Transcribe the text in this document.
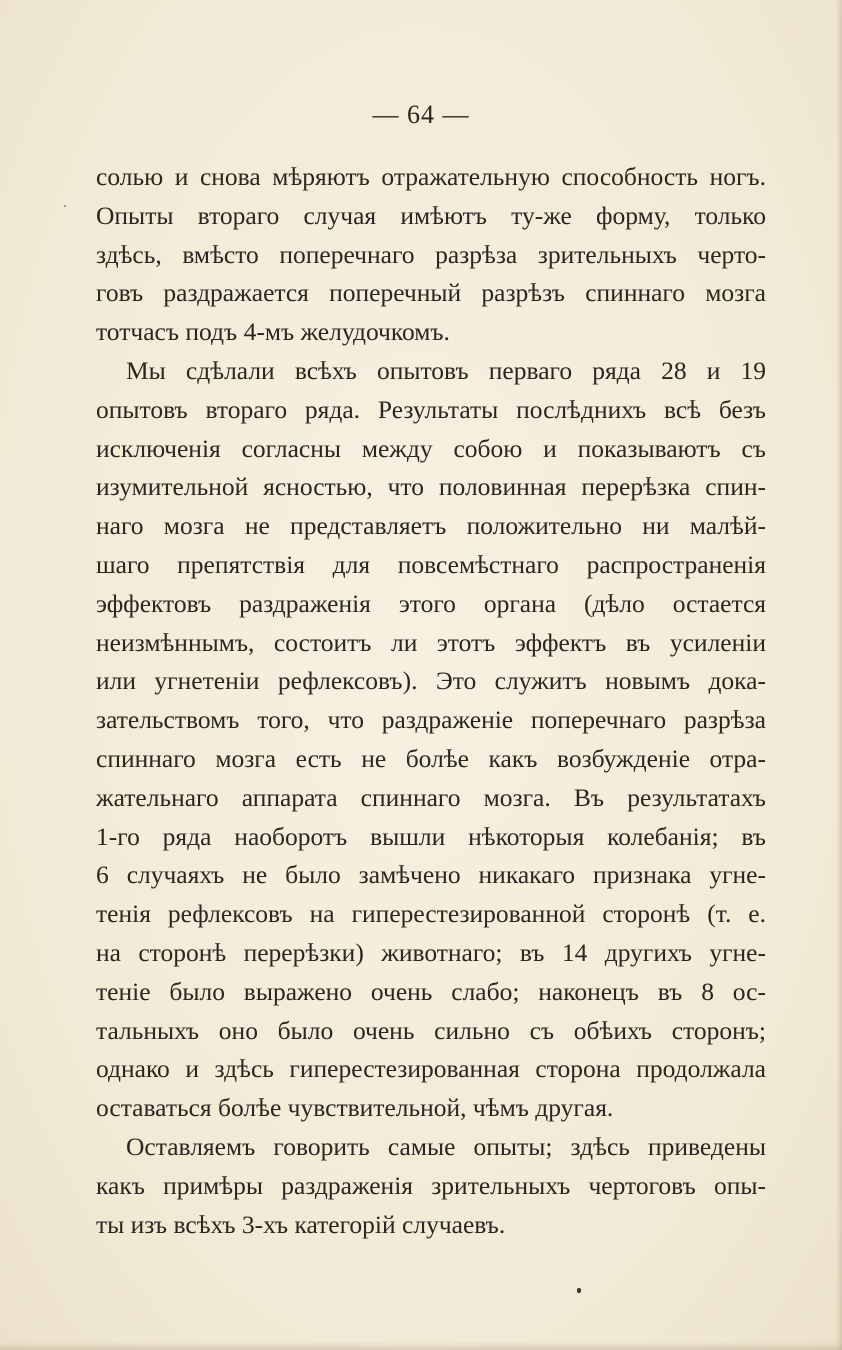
— 64 —

солью и снова мѣряютъ отражательную способность ногъ.

Опыты втораго случая имѣютъ ту-же форму, только

здѣсь, вмѣсто поперечнаго разрѣза зрительныхъ черто-

говъ раздражается поперечный разрѣзъ спиннаго мозга

тотчасъ подъ 4-мъ желудочкомъ.

Мы сдѣлали всѣхъ опытовъ перваго ряда 28 и 19

опытовъ втораго ряда. Результаты послѣднихъ всѣ безъ

исключенія согласны между собою и показываютъ съ

изумительной ясностью, что половинная перерѣзка спин-

наго мозга не представляетъ положительно ни малѣй-

шаго препятствія для повсемѣстнаго распространенія

эффектовъ раздраженія этого органа (дѣло остается

неизмѣннымъ, состоитъ ли этотъ эффектъ въ усиленіи

или угнетеніи рефлексовъ). Это служитъ новымъ дока-

зательствомъ того, что раздраженіе поперечнаго разрѣза

спиннаго мозга есть не болѣе какъ возбужденіе отра-

жательнаго аппарата спиннаго мозга. Въ результатахъ

1-го ряда наоборотъ вышли нѣкоторыя колебанія; въ

6 случаяхъ не было замѣчено никакаго признака угне-

тенія рефлексовъ на гиперестезированной сторонѣ (т. е.

на сторонѣ перерѣзки) животнаго; въ 14 другихъ угне-

теніе было выражено очень слабо; наконецъ въ 8 ос-

тальныхъ оно было очень сильно съ обѣихъ сторонъ;

однако и здѣсь гиперестезированная сторона продолжала

оставаться болѣе чувствительной, чѣмъ другая.

Оставляемъ говорить самые опыты; здѣсь приведены

какъ примѣры раздраженія зрительныхъ чертоговъ опы-

ты изъ всѣхъ 3-хъ категорій случаевъ.
